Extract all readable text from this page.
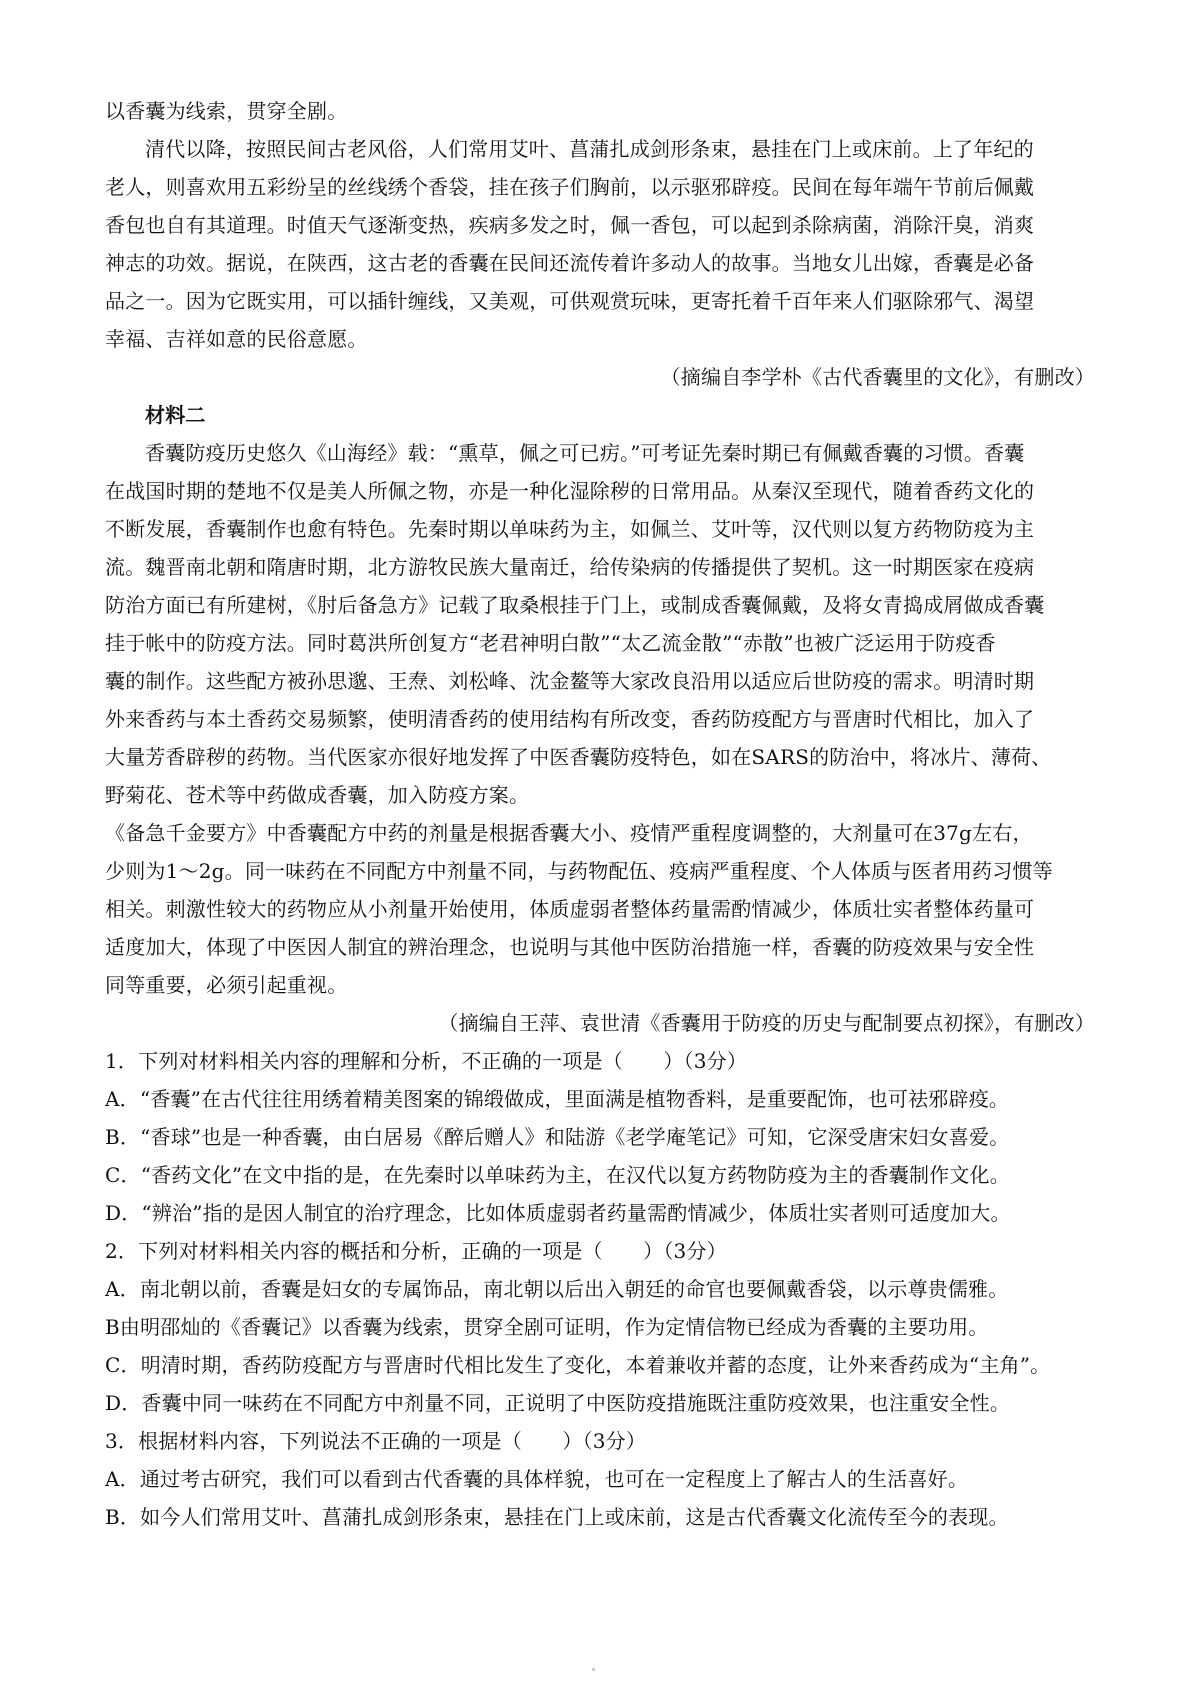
以香囊为线索，贯穿全剧。
清代以降，按照民间古老风俗，人们常用艾叶、菖蒲扎成剑形条束，悬挂在门上或床前。上了年纪的
老人，则喜欢用五彩纷呈的丝线绣个香袋，挂在孩子们胸前，以示驱邪辟疫。民间在每年端午节前后佩戴
香包也自有其道理。时值天气逐渐变热，疾病多发之时，佩一香包，可以起到杀除病菌，消除汗臭，消爽
神志的功效。据说，在陕西，这古老的香囊在民间还流传着许多动人的故事。当地女儿出嫁，香囊是必备
品之一。因为它既实用，可以插针缠线，又美观，可供观赏玩味，更寄托着千百年来人们驱除邪气、渴望
幸福、吉祥如意的民俗意愿。
（摘编自李学朴《古代香囊里的文化》，有删改）
材料二
香囊防疫历史悠久《山海经》载：“熏草，佩之可已疠。”可考证先秦时期已有佩戴香囊的习惯。香囊
在战国时期的楚地不仅是美人所佩之物，亦是一种化湿除秽的日常用品。从秦汉至现代，随着香药文化的
不断发展，香囊制作也愈有特色。先秦时期以单味药为主，如佩兰、艾叶等，汉代则以复方药物防疫为主
流。魏晋南北朝和隋唐时期，北方游牧民族大量南迁，给传染病的传播提供了契机。这一时期医家在疫病
防治方面已有所建树，《肘后备急方》记载了取桑根挂于门上，或制成香囊佩戴，及将女青捣成屑做成香囊
挂于帐中的防疫方法。同时葛洪所创复方“老君神明白散”“太乙流金散”“赤散”也被广泛运用于防疫香
囊的制作。这些配方被孙思邈、王焘、刘松峰、沈金鳌等大家改良沿用以适应后世防疫的需求。明清时期
外来香药与本土香药交易频繁，使明清香药的使用结构有所改变，香药防疫配方与晋唐时代相比，加入了
大量芳香辟秽的药物。当代医家亦很好地发挥了中医香囊防疫特色，如在SARS的防治中，将冰片、薄荷、
野菊花、苍术等中药做成香囊，加入防疫方案。
《备急千金要方》中香囊配方中药的剂量是根据香囊大小、疫情严重程度调整的，大剂量可在37g左右，
少则为1～2g。同一味药在不同配方中剂量不同，与药物配伍、疫病严重程度、个人体质与医者用药习惯等
相关。刺激性较大的药物应从小剂量开始使用，体质虚弱者整体药量需酌情减少，体质壮实者整体药量可
适度加大，体现了中医因人制宜的辨治理念，也说明与其他中医防治措施一样，香囊的防疫效果与安全性
同等重要，必须引起重视。
（摘编自王萍、袁世清《香囊用于防疫的历史与配制要点初探》，有删改）
1．下列对材料相关内容的理解和分析，不正确的一项是（　　）（3分）
A．“香囊”在古代往往用绣着精美图案的锦缎做成，里面满是植物香料，是重要配饰，也可祛邪辟疫。
B．“香球”也是一种香囊，由白居易《醉后赠人》和陆游《老学庵笔记》可知，它深受唐宋妇女喜爱。
C．“香药文化”在文中指的是，在先秦时以单味药为主，在汉代以复方药物防疫为主的香囊制作文化。
D．“辨治”指的是因人制宜的治疗理念，比如体质虚弱者药量需酌情减少，体质壮实者则可适度加大。
2．下列对材料相关内容的概括和分析，正确的一项是（　　）（3分）
A．南北朝以前，香囊是妇女的专属饰品，南北朝以后出入朝廷的命官也要佩戴香袋，以示尊贵儒雅。
B由明邵灿的《香囊记》以香囊为线索，贯穿全剧可证明，作为定情信物已经成为香囊的主要功用。
C．明清时期，香药防疫配方与晋唐时代相比发生了变化，本着兼收并蓄的态度，让外来香药成为“主角”。
D．香囊中同一味药在不同配方中剂量不同，正说明了中医防疫措施既注重防疫效果，也注重安全性。
3．根据材料内容，下列说法不正确的一项是（　　）（3分）
A．通过考古研究，我们可以看到古代香囊的具体样貌，也可在一定程度上了解古人的生活喜好。
B．如今人们常用艾叶、菖蒲扎成剑形条束，悬挂在门上或床前，这是古代香囊文化流传至今的表现。
